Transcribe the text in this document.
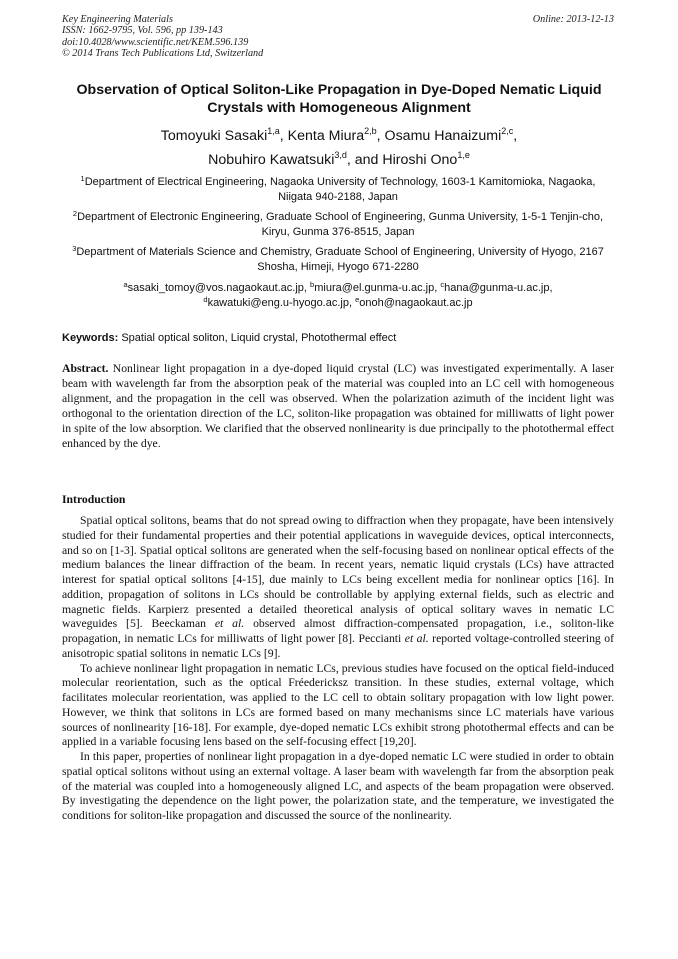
Key Engineering Materials	Online: 2013-12-13
ISSN: 1662-9795, Vol. 596, pp 139-143
doi:10.4028/www.scientific.net/KEM.596.139
© 2014 Trans Tech Publications Ltd, Switzerland
Observation of Optical Soliton-Like Propagation in Dye-Doped Nematic Liquid Crystals with Homogeneous Alignment
Tomoyuki Sasaki$^{1,a}$, Kenta Miura$^{2,b}$, Osamu Hanaizumi$^{2,c}$,
Nobuhiro Kawatsuki$^{3,d}$, and Hiroshi Ono$^{1,e}$
$^1$Department of Electrical Engineering, Nagaoka University of Technology, 1603-1 Kamitomioka, Nagaoka, Niigata 940-2188, Japan
$^2$Department of Electronic Engineering, Graduate School of Engineering, Gunma University, 1-5-1 Tenjin-cho, Kiryu, Gunma 376-8515, Japan
$^3$Department of Materials Science and Chemistry, Graduate School of Engineering, University of Hyogo, 2167 Shosha, Himeji, Hyogo 671-2280
$^a$sasaki_tomoy@vos.nagaokaut.ac.jp, $^b$miura@el.gunma-u.ac.jp, $^c$hana@gunma-u.ac.jp,
$^d$kawatuki@eng.u-hyogo.ac.jp, $^e$onoh@nagaokaut.ac.jp
Keywords: Spatial optical soliton, Liquid crystal, Photothermal effect
Abstract. Nonlinear light propagation in a dye-doped liquid crystal (LC) was investigated experimentally. A laser beam with wavelength far from the absorption peak of the material was coupled into an LC cell with homogeneous alignment, and the propagation in the cell was observed. When the polarization azimuth of the incident light was orthogonal to the orientation direction of the LC, soliton-like propagation was obtained for milliwatts of light power in spite of the low absorption. We clarified that the observed nonlinearity is due principally to the photothermal effect enhanced by the dye.
Introduction

Spatial optical solitons, beams that do not spread owing to diffraction when they propagate, have been intensively studied for their fundamental properties and their potential applications in waveguide devices, optical interconnects, and so on [1-3]. Spatial optical solitons are generated when the self-focusing based on nonlinear optical effects of the medium balances the linear diffraction of the beam. In recent years, nematic liquid crystals (LCs) have attracted interest for spatial optical solitons [4-15], due mainly to LCs being excellent media for nonlinear optics [16]. In addition, propagation of solitons in LCs should be controllable by applying external fields, such as electric and magnetic fields. Karpierz presented a detailed theoretical analysis of optical solitary waves in nematic LC waveguides [5]. Beeckaman et al. observed almost diffraction-compensated propagation, i.e., soliton-like propagation, in nematic LCs for milliwatts of light power [8]. Peccianti et al. reported voltage-controlled steering of anisotropic spatial solitons in nematic LCs [9].

To achieve nonlinear light propagation in nematic LCs, previous studies have focused on the optical field-induced molecular reorientation, such as the optical Fréedericksz transition. In these studies, external voltage, which facilitates molecular reorientation, was applied to the LC cell to obtain solitary propagation with low light power. However, we think that solitons in LCs are formed based on many mechanisms since LC materials have various sources of nonlinearity [16-18]. For example, dye-doped nematic LCs exhibit strong photothermal effects and can be applied in a variable focusing lens based on the self-focusing effect [19,20].

In this paper, properties of nonlinear light propagation in a dye-doped nematic LC were studied in order to obtain spatial optical solitons without using an external voltage. A laser beam with wavelength far from the absorption peak of the material was coupled into a homogeneously aligned LC, and aspects of the beam propagation were observed. By investigating the dependence on the light power, the polarization state, and the temperature, we investigated the conditions for soliton-like propagation and discussed the source of the nonlinearity.
